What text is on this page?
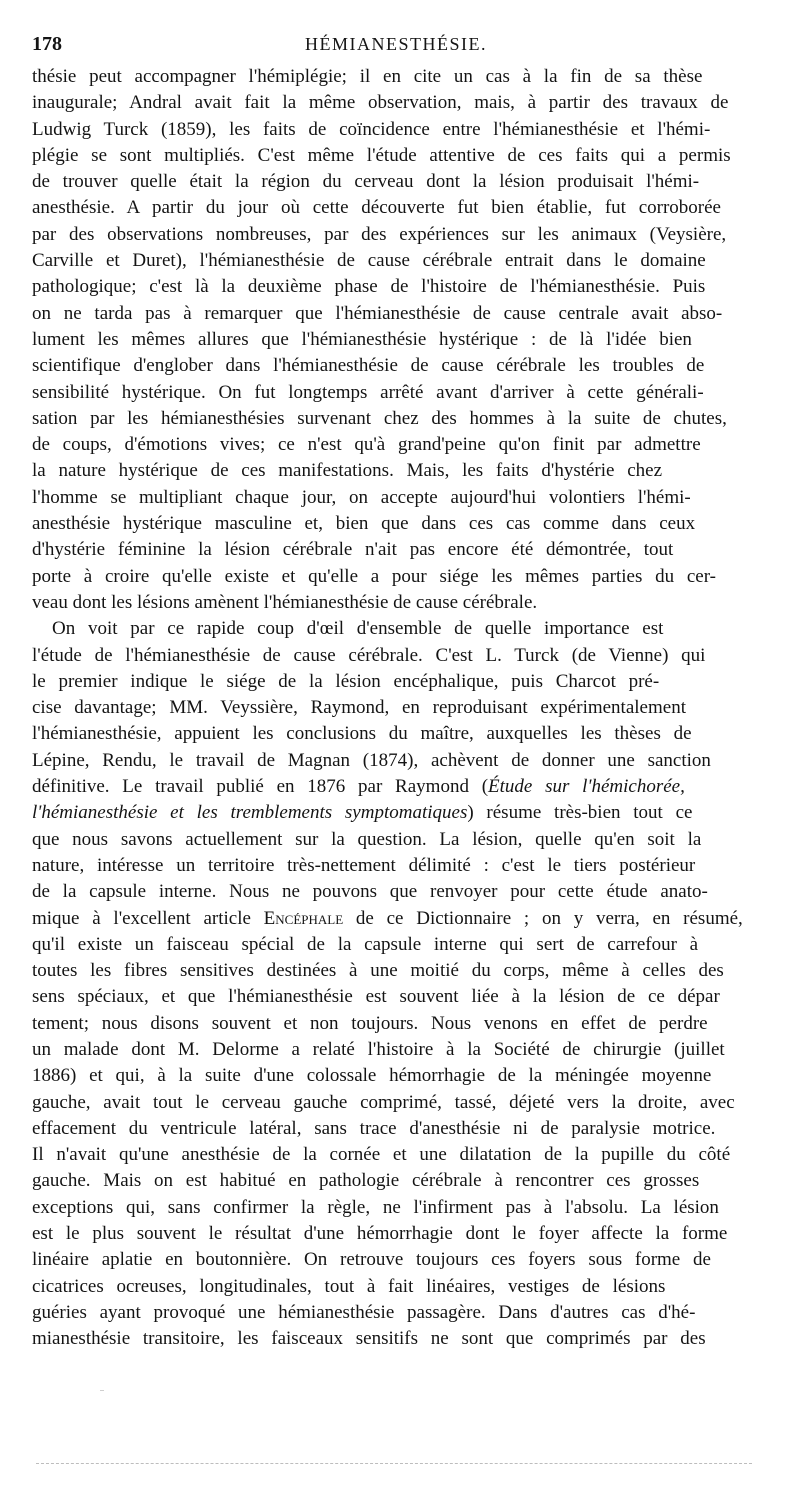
178	HÉMIANESTHÉSIE.
thésie peut accompagner l'hémiplégie; il en cite un cas à la fin de sa thèse
inaugurale; Andral avait fait la même observation, mais, à partir des travaux de
Ludwig Turck (1859), les faits de coïncidence entre l'hémianesthésie et l'hémi-
plégie se sont multipliés. C'est même l'étude attentive de ces faits qui a permis
de trouver quelle était la région du cerveau dont la lésion produisait l'hémi-
anesthésie. A partir du jour où cette découverte fut bien établie, fut corroborée
par des observations nombreuses, par des expériences sur les animaux (Veysière,
Carville et Duret), l'hémianesthésie de cause cérébrale entrait dans le domaine
pathologique; c'est là la deuxième phase de l'histoire de l'hémianesthésie. Puis
on ne tarda pas à remarquer que l'hémianesthésie de cause centrale avait abso-
lument les mêmes allures que l'hémianesthésie hystérique : de là l'idée bien
scientifique d'englober dans l'hémianesthésie de cause cérébrale les troubles de
sensibilité hystérique. On fut longtemps arrêté avant d'arriver à cette générali-
sation par les hémianesthésies survenant chez des hommes à la suite de chutes,
de coups, d'émotions vives; ce n'est qu'à grand'peine qu'on finit par admettre
la nature hystérique de ces manifestations. Mais, les faits d'hystérie chez
l'homme se multipliant chaque jour, on accepte aujourd'hui volontiers l'hémi-
anesthésie hystérique masculine et, bien que dans ces cas comme dans ceux
d'hystérie féminine la lésion cérébrale n'ait pas encore été démontrée, tout
porte à croire qu'elle existe et qu'elle a pour siége les mêmes parties du cer-
veau dont les lésions amènent l'hémianesthésie de cause cérébrale.
On voit par ce rapide coup d'œil d'ensemble de quelle importance est
l'étude de l'hémianesthésie de cause cérébrale. C'est L. Turck (de Vienne) qui
le premier indique le siége de la lésion encéphalique, puis Charcot pré-
cise davantage; MM. Veyssière, Raymond, en reproduisant expérimentalement
l'hémianesthésie, appuient les conclusions du maître, auxquelles les thèses de
Lépine, Rendu, le travail de Magnan (1874), achèvent de donner une sanction
définitive. Le travail publié en 1876 par Raymond (Étude sur l'hémichorée,
l'hémianesthésie et les tremblements symptomatiques) résume très-bien tout ce
que nous savons actuellement sur la question. La lésion, quelle qu'en soit la
nature, intéresse un territoire très-nettement délimité : c'est le tiers postérieur
de la capsule interne. Nous ne pouvons que renvoyer pour cette étude anato-
mique à l'excellent article Encéphale de ce Dictionnaire ; on y verra, en résumé,
qu'il existe un faisceau spécial de la capsule interne qui sert de carrefour à
toutes les fibres sensitives destinées à une moitié du corps, même à celles des
sens spéciaux, et que l'hémianesthésie est souvent liée à la lésion de ce dépar
tement; nous disons souvent et non toujours. Nous venons en effet de perdre
un malade dont M. Delorme a relaté l'histoire à la Société de chirurgie (juillet
1886) et qui, à la suite d'une colossale hémorrhagie de la méningée moyenne
gauche, avait tout le cerveau gauche comprimé, tassé, déjeté vers la droite, avec
effacement du ventricule latéral, sans trace d'anesthésie ni de paralysie motrice.
Il n'avait qu'une anesthésie de la cornée et une dilatation de la pupille du côté
gauche. Mais on est habitué en pathologie cérébrale à rencontrer ces grosses
exceptions qui, sans confirmer la règle, ne l'infirment pas à l'absolu. La lésion
est le plus souvent le résultat d'une hémorrhagie dont le foyer affecte la forme
linéaire aplatie en boutonnière. On retrouve toujours ces foyers sous forme de
cicatrices ocreuses, longitudinales, tout à fait linéaires, vestiges de lésions
guéries ayant provoqué une hémianesthésie passagère. Dans d'autres cas d'hé-
mianesthésie transitoire, les faisceaux sensitifs ne sont que comprimés par des
